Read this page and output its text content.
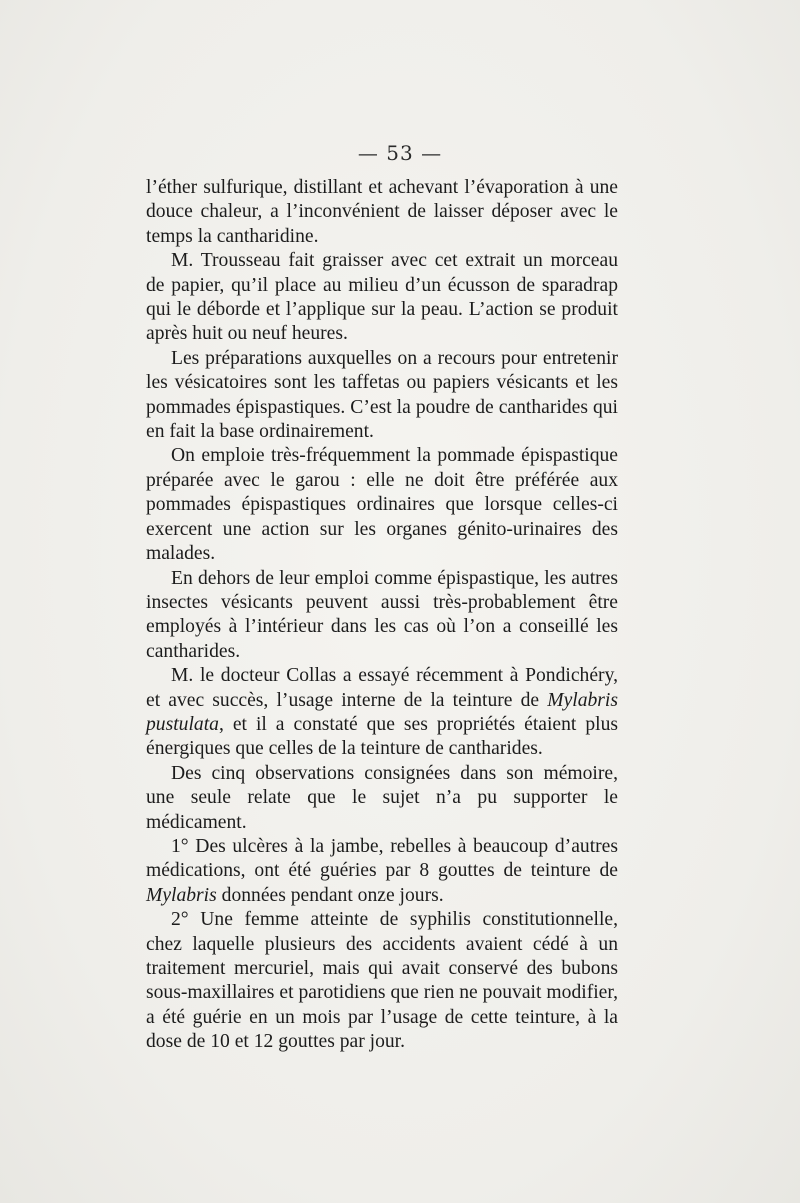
— 53 —

l’éther sulfurique, distillant et achevant l’évaporation à une douce chaleur, a l’inconvénient de laisser déposer avec le temps la cantharidine.

M. Trousseau fait graisser avec cet extrait un morceau de papier, qu’il place au milieu d’un écusson de sparadrap qui le déborde et l’applique sur la peau. L’action se produit après huit ou neuf heures.

Les préparations auxquelles on a recours pour entretenir les vésicatoires sont les taffetas ou papiers vésicants et les pommades épispastiques. C’est la poudre de cantharides qui en fait la base ordinairement.

On emploie très-fréquemment la pommade épispastique préparée avec le garou : elle ne doit être préférée aux pommades épispastiques ordinaires que lorsque celles-ci exercent une action sur les organes génito-urinaires des malades.

En dehors de leur emploi comme épispastique, les autres insectes vésicants peuvent aussi très-probablement être employés à l’intérieur dans les cas où l’on a conseillé les cantharides.

M. le docteur Collas a essayé récemment à Pondichéry, et avec succès, l’usage interne de la teinture de Mylabris pustulata, et il a constaté que ses propriétés étaient plus énergiques que celles de la teinture de cantharides.

Des cinq observations consignées dans son mémoire, une seule relate que le sujet n’a pu supporter le médicament.

1° Des ulcères à la jambe, rebelles à beaucoup d’autres médications, ont été guéries par 8 gouttes de teinture de Mylabris données pendant onze jours.

2° Une femme atteinte de syphilis constitutionnelle, chez laquelle plusieurs des accidents avaient cédé à un traitement mercuriel, mais qui avait conservé des bubons sous-maxillaires et parotidiens que rien ne pouvait modifier, a été guérie en un mois par l’usage de cette teinture, à la dose de 10 et 12 gouttes par jour.
